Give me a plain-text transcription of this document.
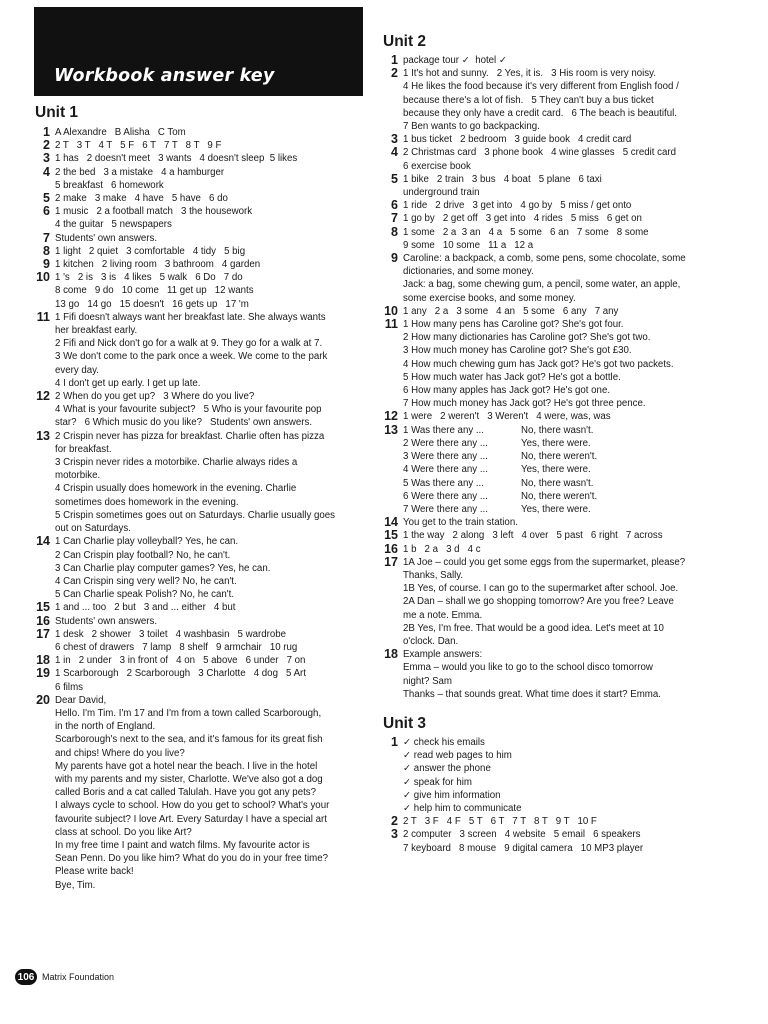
Workbook answer key
Unit 1
1 A Alexandre   B Alisha   C Tom
2 2 T   3 T   4 T   5 F   6 T   7 T   8 T   9 F
3 1 has   2 doesn't meet   3 wants   4 doesn't sleep  5 likes
4 2 the bed   3 a mistake   4 a hamburger
5 breakfast   6 homework
5 2 make   3 make   4 have   5 have   6 do
6 1 music   2 a football match   3 the housework
4 the guitar   5 newspapers
7 Students' own answers.
8 1 light   2 quiet   3 comfortable   4 tidy   5 big
9 1 kitchen   2 living room   3 bathroom   4 garden
10 1 's   2 is   3 is   4 likes   5 walk   6 Do   7 do
8 come   9 do   10 come   11 get up   12 wants
13 go   14 go   15 doesn't   16 gets up   17 'm
11 1 Fifi doesn't always want her breakfast late. She always wants
her breakfast early.
2 Fifi and Nick don't go for a walk at 9. They go for a walk at 7.
3 We don't come to the park once a week. We come to the park
every day.
4 I don't get up early. I get up late.
12 2 When do you get up?   3 Where do you live?
4 What is your favourite subject?   5 Who is your favourite pop
star?   6 Which music do you like?   Students' own answers.
13 2 Crispin never has pizza for breakfast. Charlie often has pizza
for breakfast.
3 Crispin never rides a motorbike. Charlie always rides a
motorbike.
4 Crispin usually does homework in the evening. Charlie
sometimes does homework in the evening.
5 Crispin sometimes goes out on Saturdays. Charlie usually goes
out on Saturdays.
14 1 Can Charlie play volleyball? Yes, he can.
2 Can Crispin play football? No, he can't.
3 Can Charlie play computer games? Yes, he can.
4 Can Crispin sing very well? No, he can't.
5 Can Charlie speak Polish? No, he can't.
15 1 and ... too   2 but   3 and ... either   4 but
16 Students' own answers.
17 1 desk   2 shower   3 toilet   4 washbasin   5 wardrobe
6 chest of drawers   7 lamp   8 shelf   9 armchair   10 rug
18 1 in   2 under   3 in front of   4 on   5 above   6 under   7 on
19 1 Scarborough   2 Scarborough   3 Charlotte   4 dog   5 Art
6 films
20 Dear David,
Hello. I'm Tim. I'm 17 and I'm from a town called Scarborough,
in the north of England.
Scarborough's next to the sea, and it's famous for its great fish
and chips! Where do you live?
My parents have got a hotel near the beach. I live in the hotel
with my parents and my sister, Charlotte. We've also got a dog
called Boris and a cat called Talulah. Have you got any pets?
I always cycle to school. How do you get to school? What's your
favourite subject? I love Art. Every Saturday I have a special art
class at school. Do you like Art?
In my free time I paint and watch films. My favourite actor is
Sean Penn. Do you like him? What do you do in your free time?
Please write back!
Bye, Tim.
Unit 2
1 package tour ✓  hotel ✓
2 1 It's hot and sunny.   2 Yes, it is.   3 His room is very noisy.
4 He likes the food because it's very different from English food /
because there's a lot of fish.   5 They can't buy a bus ticket
because they only have a credit card.   6 The beach is beautiful.
7 Ben wants to go backpacking.
3 1 bus ticket   2 bedroom   3 guide book   4 credit card
4 2 Christmas card   3 phone book   4 wine glasses   5 credit card
6 exercise book
5 1 bike   2 train   3 bus   4 boat   5 plane   6 taxi
underground train
6 1 ride   2 drive   3 get into   4 go by   5 miss / get onto
7 1 go by   2 get off   3 get into   4 rides   5 miss   6 get on
8 1 some   2 a  3 an   4 a   5 some   6 an   7 some   8 some
9 some   10 some   11 a   12 a
9 Caroline: a backpack, a comb, some pens, some chocolate, some
dictionaries, and some money.
Jack: a bag, some chewing gum, a pencil, some water, an apple,
some exercise books, and some money.
10 1 any   2 a   3 some   4 an   5 some   6 any   7 any
11 1 How many pens has Caroline got? She's got four.
2 How many dictionaries has Caroline got? She's got two.
3 How much money has Caroline got? She's got £30.
4 How much chewing gum has Jack got? He's got two packets.
5 How much water has Jack got? He's got a bottle.
6 How many apples has Jack got? He's got one.
7 How much money has Jack got? He's got three pence.
12 1 were   2 weren't   3 Weren't   4 were, was, was
13 1 Was there any ...	No, there wasn't.
2 Were there any ...	Yes, there were.
3 Were there any ...	No, there weren't.
4 Were there any ...	Yes, there were.
5 Was there any ...	No, there wasn't.
6 Were there any ...	No, there weren't.
7 Were there any ...	Yes, there were.
14 You get to the train station.
15 1 the way   2 along   3 left   4 over   5 past   6 right   7 across
16 1 b   2 a   3 d   4 c
17 1A Joe – could you get some eggs from the supermarket, please?
Thanks, Sally.
1B Yes, of course. I can go to the supermarket after school. Joe.
2A Dan – shall we go shopping tomorrow? Are you free? Leave
me a note. Emma.
2B Yes, I'm free. That would be a good idea. Let's meet at 10
o'clock. Dan.
18 Example answers:
Emma – would you like to go to the school disco tomorrow
night? Sam
Thanks – that sounds great. What time does it start? Emma.
Unit 3
1 ✓ check his emails
✓ read web pages to him
✓ answer the phone
✓ speak for him
✓ give him information
✓ help him to communicate
2 2 T   3 F   4 F   5 T   6 T   7 T   8 T   9 T   10 F
3 2 computer   3 screen   4 website   5 email   6 speakers
7 keyboard   8 mouse   9 digital camera   10 MP3 player
106 Matrix Foundation
